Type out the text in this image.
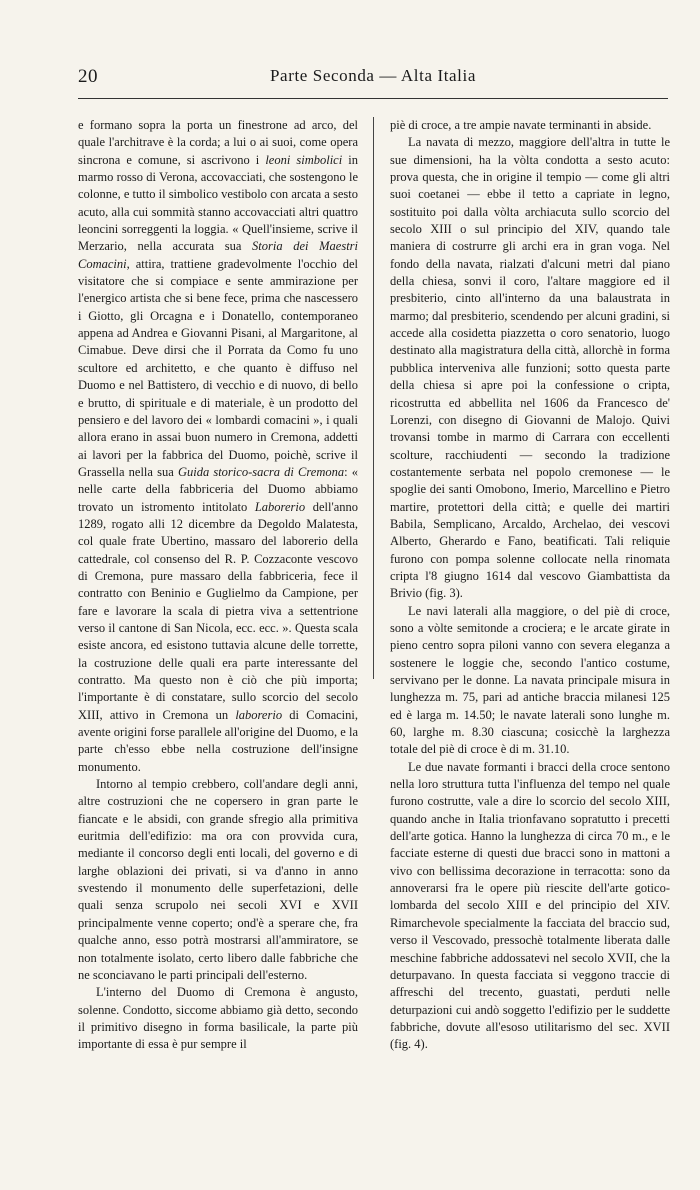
20	Parte Seconda — Alta Italia

e formano sopra la porta un finestrone ad arco, del quale l'architrave è la corda; a lui o ai suoi, come opera sincrona e comune, si ascrivono i leoni simbolici in marmo rosso di Verona, accovacciati, che sostengono le colonne, e tutto il simbolico vestibolo con arcata a sesto acuto, alla cui sommità stanno accovacciati altri quattro leoncini sorreggenti la loggia. « Quell'insieme, scrive il Merzario, nella accurata sua Storia dei Maestri Comacini, attira, trattiene gradevolmente l'occhio del visitatore che si compiace e sente ammirazione per l'energico artista che si bene fece, prima che nascessero i Giotto, gli Orcagna e i Donatello, contemporaneo appena ad Andrea e Giovanni Pisani, al Margaritone, al Cimabue. Deve dirsi che il Porrata da Como fu uno scultore ed architetto, e che quanto è diffuso nel Duomo e nel Battistero, di vecchio e di nuovo, di bello e brutto, di spirituale e di materiale, è un prodotto del pensiero e del lavoro dei « lombardi comacini », i quali allora erano in assai buon numero in Cremona, addetti ai lavori per la fabbrica del Duomo, poichè, scrive il Grassella nella sua Guida storico-sacra di Cremona: « nelle carte della fabbriceria del Duomo abbiamo trovato un istromento intitolato Laborerio dell'anno 1289, rogato alli 12 dicembre da Degoldo Malatesta, col quale frate Ubertino, massaro del laborerio della cattedrale, col consenso del R. P. Cozzaconte vescovo di Cremona, pure massaro della fabbriceria, fece il contratto con Beninio e Guglielmo da Campione, per fare e lavorare la scala di pietra viva a settentrione verso il cantone di San Nicola, ecc. ecc. ». Questa scala esiste ancora, ed esistono tuttavia alcune delle torrette, la costruzione delle quali era parte interessante del contratto. Ma questo non è ciò che più importa; l'importante è di constatare, sullo scorcio del secolo XIII, attivo in Cremona un laborerio di Comacini, avente origini forse parallele all'origine del Duomo, e la parte ch'esso ebbe nella costruzione dell'insigne monumento.

Intorno al tempio crebbero, coll'andare degli anni, altre costruzioni che ne copersero in gran parte le fiancate e le absidi, con grande sfregio alla primitiva euritmia dell'edifizio: ma ora con provvida cura, mediante il concorso degli enti locali, del governo e di larghe oblazioni dei privati, si va d'anno in anno svestendo il monumento delle superfetazioni, delle quali senza scrupolo nei secoli XVI e XVII principalmente venne coperto; ond'è a sperare che, fra qualche anno, esso potrà mostrarsi all'ammiratore, se non totalmente isolato, certo libero dalle fabbriche che ne sconciavano le parti principali dell'esterno.

L'interno del Duomo di Cremona è angusto, solenne. Condotto, siccome abbiamo già detto, secondo il primitivo disegno in forma basilicale, la parte più importante di essa è pur sempre il

piè di croce, a tre ampie navate terminanti in abside.

La navata di mezzo, maggiore dell'altra in tutte le sue dimensioni, ha la vòlta condotta a sesto acuto: prova questa, che in origine il tempio — come gli altri suoi coetanei — ebbe il tetto a capriate in legno, sostituito poi dalla vòlta archiacuta sullo scorcio del secolo XIII o sul principio del XIV, quando tale maniera di costrurre gli archi era in gran voga. Nel fondo della navata, rialzati d'alcuni metri dal piano della chiesa, sonvi il coro, l'altare maggiore ed il presbiterio, cinto all'interno da una balaustrata in marmo; dal presbiterio, scendendo per alcuni gradini, si accede alla cosidetta piazzetta o coro senatorio, luogo destinato alla magistratura della città, allorchè in forma pubblica interveniva alle funzioni; sotto questa parte della chiesa si apre poi la confessione o cripta, ricostrutta ed abbellita nel 1606 da Francesco de' Lorenzi, con disegno di Giovanni de Malojo. Quivi trovansi tombe in marmo di Carrara con eccellenti scolture, racchiudenti — secondo la tradizione costantemente serbata nel popolo cremonese — le spoglie dei santi Omobono, Imerio, Marcellino e Pietro martire, protettori della città; e quelle dei martiri Babila, Semplicano, Arcaldo, Archelao, dei vescovi Alberto, Gherardo e Fano, beatificati. Tali reliquie furono con pompa solenne collocate nella rinomata cripta l'8 giugno 1614 dal vescovo Giambattista da Brivio (fig. 3).

Le navi laterali alla maggiore, o del piè di croce, sono a vòlte semitonde a crociera; e le arcate girate in pieno centro sopra piloni vanno con severa eleganza a sostenere le loggie che, secondo l'antico costume, servivano per le donne. La navata principale misura in lunghezza m. 75, pari ad antiche braccia milanesi 125 ed è larga m. 14.50; le navate laterali sono lunghe m. 60, larghe m. 8.30 ciascuna; cosicchè la larghezza totale del piè di croce è di m. 31.10.

Le due navate formanti i bracci della croce sentono nella loro struttura tutta l'influenza del tempo nel quale furono costrutte, vale a dire lo scorcio del secolo XIII, quando anche in Italia trionfavano sopratutto i precetti dell'arte gotica. Hanno la lunghezza di circa 70 m., e le facciate esterne di questi due bracci sono in mattoni a vivo con bellissima decorazione in terracotta: sono da annoverarsi fra le opere più riescite dell'arte gotico-lombarda del secolo XIII e del principio del XIV. Rimarchevole specialmente la facciata del braccio sud, verso il Vescovado, pressochè totalmente liberata dalle meschine fabbriche addossatevi nel secolo XVII, che la deturpavano. In questa facciata si veggono traccie di affreschi del trecento, guastati, perduti nelle deturpazioni cui andò soggetto l'edifizio per le suddette fabbriche, dovute all'esoso utilitarismo del sec. XVII (fig. 4).
